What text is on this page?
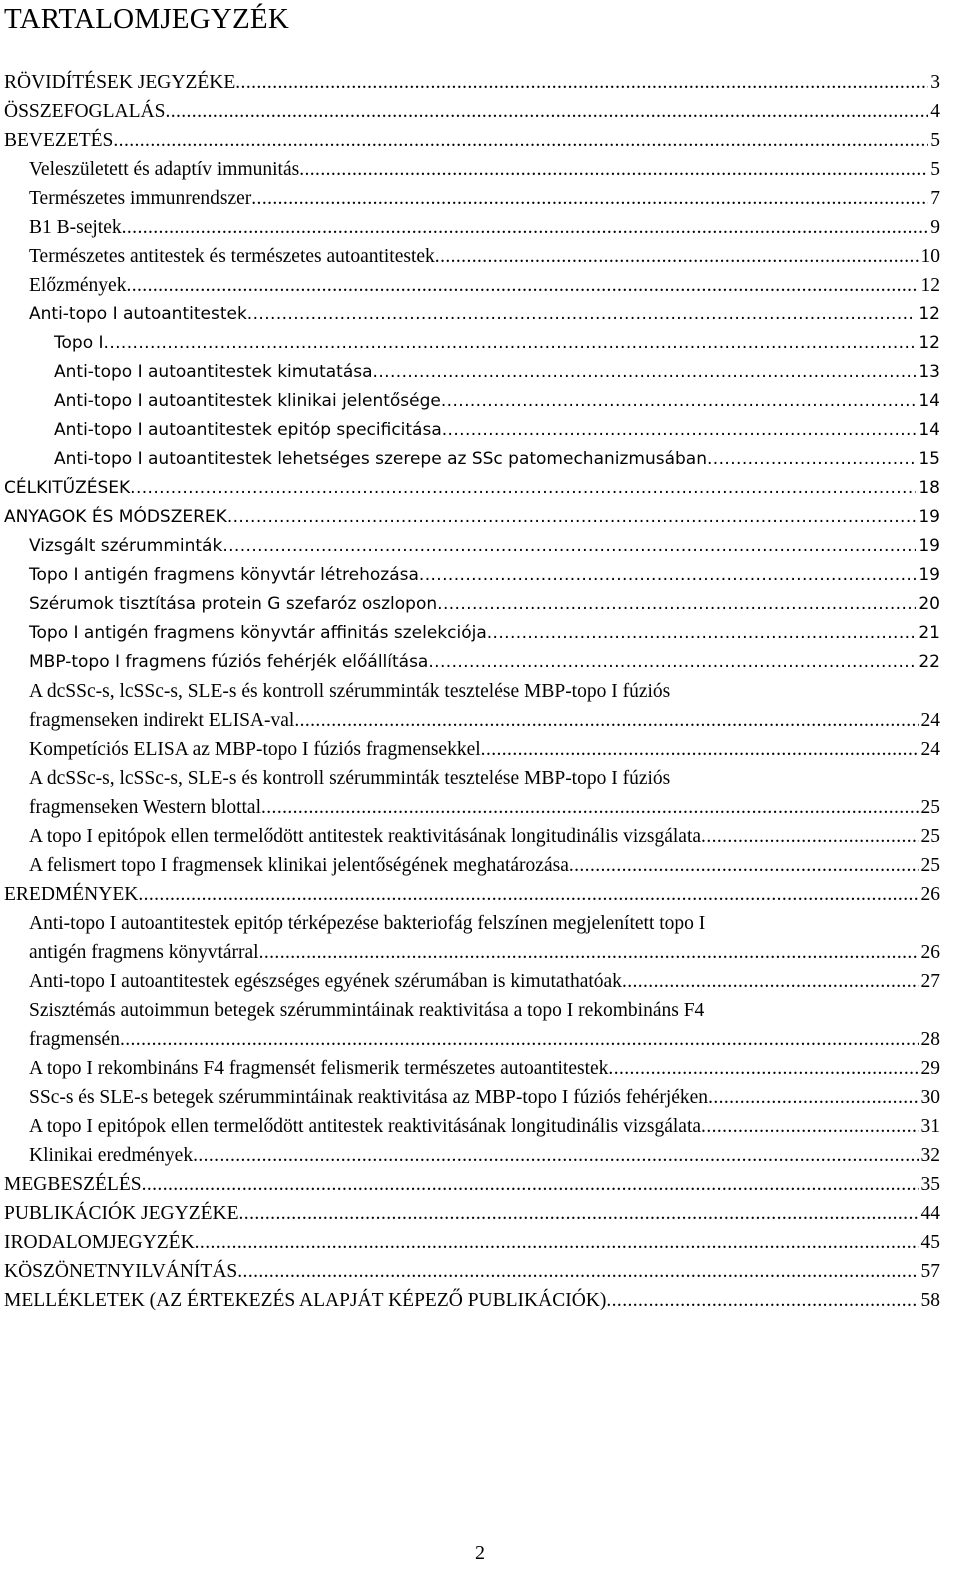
TARTALOMJEGYZÉK
RÖVIDÍTÉSEK JEGYZÉKE .....	3
ÖSSZEFOGLALÁS .....	4
BEVEZETÉS .....	5
Veleszületett és adaptív immunitás .....	5
Természetes immunrendszer .....	7
B1 B-sejtek .....	9
Természetes antitestek és természetes autoantitestek .....	10
Előzmények .....	12
Anti-topo I autoantitestek .....	12
Topo I .....	12
Anti-topo I autoantitestek kimutatása .....	13
Anti-topo I autoantitestek klinikai jelentősége .....	14
Anti-topo I autoantitestek epitóp specificitása .....	14
Anti-topo I autoantitestek lehetséges szerepe az SSc patomechanizmusában .....	15
CÉLKITŰZÉSEK .....	18
ANYAGOK ÉS MÓDSZEREK .....	19
Vizsgált szérumminták .....	19
Topo I antigén fragmens könyvtár létrehozása .....	19
Szérumok tisztítása protein G szefaróz oszlopon .....	20
Topo I antigén fragmens könyvtár affinitás szelekciója .....	21
MBP-topo I fragmens fúziós fehérjék előállítása .....	22
A dcSSc-s, lcSSc-s, SLE-s és kontroll szérumminták tesztelése MBP-topo I fúziós
fragmenseken indirekt ELISA-val .....	24
Kompetíciós ELISA az MBP-topo I fúziós fragmensekkel .....	24
A dcSSc-s, lcSSc-s, SLE-s és kontroll szérumminták tesztelése MBP-topo I fúziós
fragmenseken Western blottal .....	25
A topo I epitópok ellen termelődött antitestek reaktivitásának longitudinális vizsgálata .....	25
A felismert topo I fragmensek klinikai jelentőségének meghatározása .....	25
EREDMÉNYEK .....	26
Anti-topo I autoantitestek epitóp térképezése bakteriofág felszínen megjelenített topo I
antigén fragmens könyvtárral .....	26
Anti-topo I autoantitestek egészséges egyének szérumában is kimutathatóak .....	27
Szisztémás autoimmun betegek szérummintáinak reaktivitása a topo I rekombináns F4
fragmensén .....	28
A topo I rekombináns F4 fragmensét felismerik természetes autoantitestek .....	29
SSc-s és SLE-s betegek szérummintáinak reaktivitása az MBP-topo I fúziós fehérjéken .....	30
A topo I epitópok ellen termelődött antitestek reaktivitásának longitudinális vizsgálata .....	31
Klinikai eredmények .....	32
MEGBESZÉLÉS .....	35
PUBLIKÁCIÓK JEGYZÉKE .....	44
IRODALOMJEGYZÉK .....	45
KÖSZÖNETNYILVÁNÍTÁS .....	57
MELLÉKLETEK (AZ ÉRTEKEZÉS ALAPJÁT KÉPEZŐ PUBLIKÁCIÓK) .....	58
2
